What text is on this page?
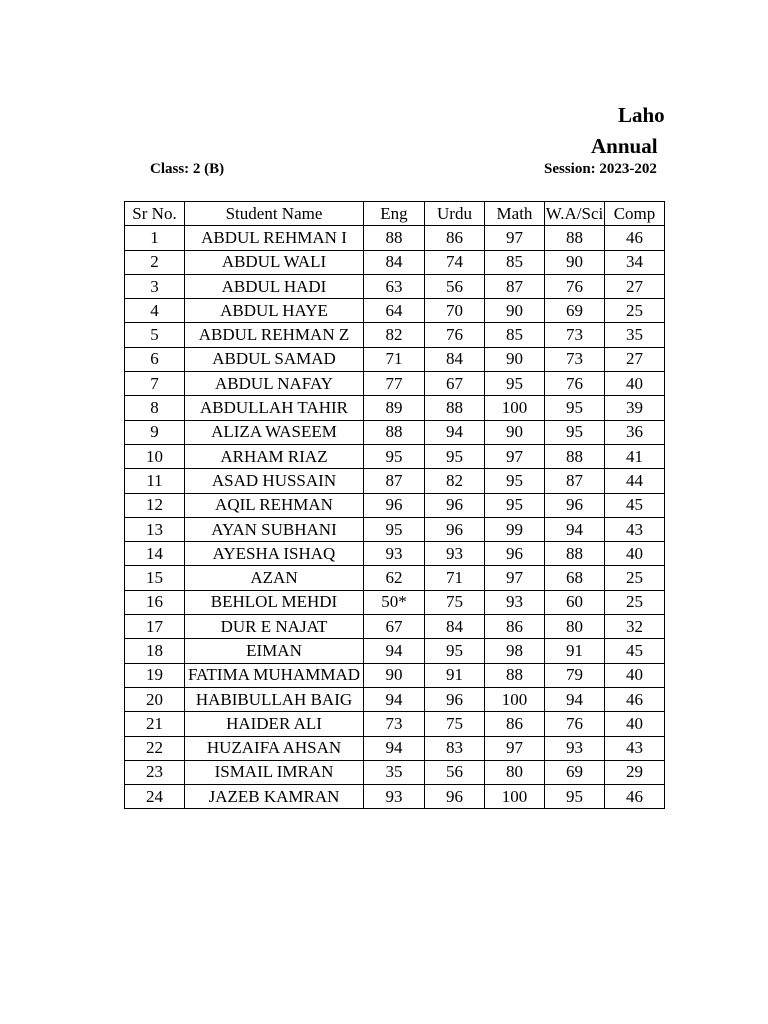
Laho
Annual
Class: 2 (B)	Session: 2023-202
Sr No.	Student Name	Eng	Urdu	Math	W.A/Sci	Comp
1	ABDUL REHMAN I	88	86	97	88	46
2	ABDUL WALI	84	74	85	90	34
3	ABDUL HADI	63	56	87	76	27
4	ABDUL HAYE	64	70	90	69	25
5	ABDUL REHMAN Z	82	76	85	73	35
6	ABDUL SAMAD	71	84	90	73	27
7	ABDUL NAFAY	77	67	95	76	40
8	ABDULLAH TAHIR	89	88	100	95	39
9	ALIZA WASEEM	88	94	90	95	36
10	ARHAM RIAZ	95	95	97	88	41
11	ASAD HUSSAIN	87	82	95	87	44
12	AQIL REHMAN	96	96	95	96	45
13	AYAN SUBHANI	95	96	99	94	43
14	AYESHA ISHAQ	93	93	96	88	40
15	AZAN	62	71	97	68	25
16	BEHLOL MEHDI	50*	75	93	60	25
17	DUR E NAJAT	67	84	86	80	32
18	EIMAN	94	95	98	91	45
19	FATIMA MUHAMMAD	90	91	88	79	40
20	HABIBULLAH BAIG	94	96	100	94	46
21	HAIDER ALI	73	75	86	76	40
22	HUZAIFA AHSAN	94	83	97	93	43
23	ISMAIL IMRAN	35	56	80	69	29
24	JAZEB KAMRAN	93	96	100	95	46
